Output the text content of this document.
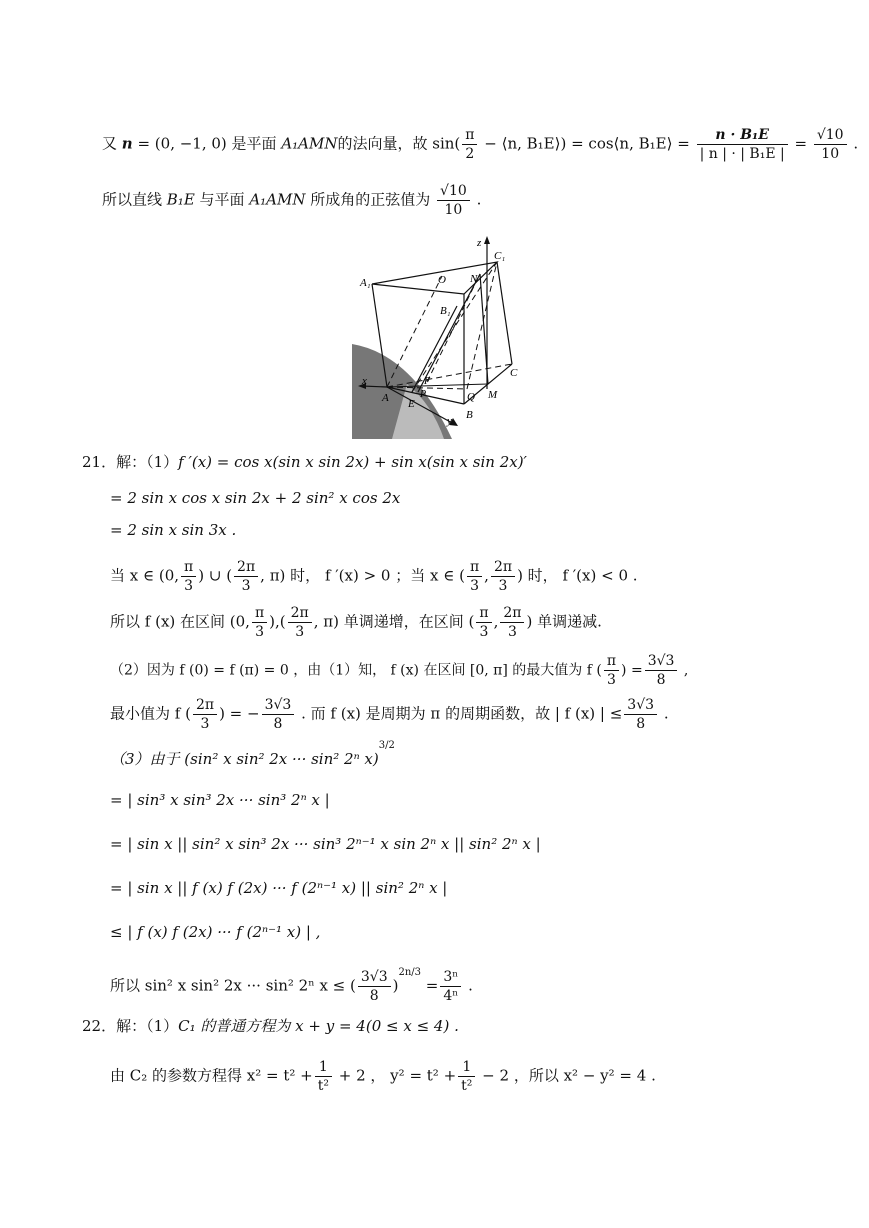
又 n = (0, −1, 0) 是平面 A₁AMN的法向量，故 $\sin( \frac{\pi}{2}$ − ⟨n, B₁E⟩) = cos⟨n, B₁E⟩ = $\frac{\text{n · B₁E}}{\text{| n | · | B₁E |}} = \frac{√10}{10}$ .
所以直线 B₁E 与平面 A₁AMN 所成角的正弦值为 $\frac{√10}{10}$ .
z
C₁
A₁	O N
B₁
F
C
x
A E
P	Q M
B
y
21．解：（1）f ′(x) = cos x(sin x sin 2x) + sin x(sin x sin 2x)′
= 2 sin x cos x sin 2x + 2 sin² x cos 2x
= 2 sin x sin 3x .
当 x ∈ (0, $\frac{\pi}{3}$ ) ∪ ( $\frac{2\pi}{3}$ , π) 时， f ′(x) > 0 ；当 x ∈ ( $\frac{\pi}{3}$ , $\frac{2\pi}{3}$ ) 时， f ′(x) < 0 .
所以 f (x) 在区间 (0, $\frac{\pi}{3}$ ),( $\frac{2\pi}{3}$ , π) 单调递增，在区间 ( $\frac{\pi}{3}$ , $\frac{2\pi}{3}$ ) 单调递减.
（2）因为 f (0) = f (π) = 0 ，由（1）知， f (x) 在区间 [0, π] 的最大值为 f ( $\frac{\pi}{3}$ ) = $\frac{3√3}{8}$ ,
最小值为 f ( $\frac{2\pi}{3}$ ) = − $\frac{3√3}{8}$ . 而 f (x) 是周期为 π 的周期函数，故 | f (x) | ≤ $\frac{3√3}{8}$ .
（3）由于 (sin² x sin² 2x ··· sin² 2ⁿ x)$^{3/2}$
= | sin³ x sin³ 2x ··· sin³ 2ⁿ x |
= | sin x || sin² x sin³ 2x ··· sin³ 2ⁿ⁻¹ x sin 2ⁿ x || sin² 2ⁿ x |
= | sin x || f (x) f (2x) ··· f (2ⁿ⁻¹ x) || sin² 2ⁿ x |
≤ | f (x) f (2x) ··· f (2ⁿ⁻¹ x) | ,
所以 sin² x sin² 2x ··· sin² 2ⁿ x ≤ ( $\frac{3√3}{8} )^{2n/3} = \frac{\text{3ⁿ}}{\text{4ⁿ}}$ .
22．解：（1）C₁ 的普通方程为 x + y = 4(0 ≤ x ≤ 4) .
由 C₂ 的参数方程得 $x^2 = t^2 + \frac{1}{\text{t²}} + 2$ ， $y^2 = t^2 + \frac{1}{\text{t²}} - 2$ ，所以 x² − y² = 4 .
